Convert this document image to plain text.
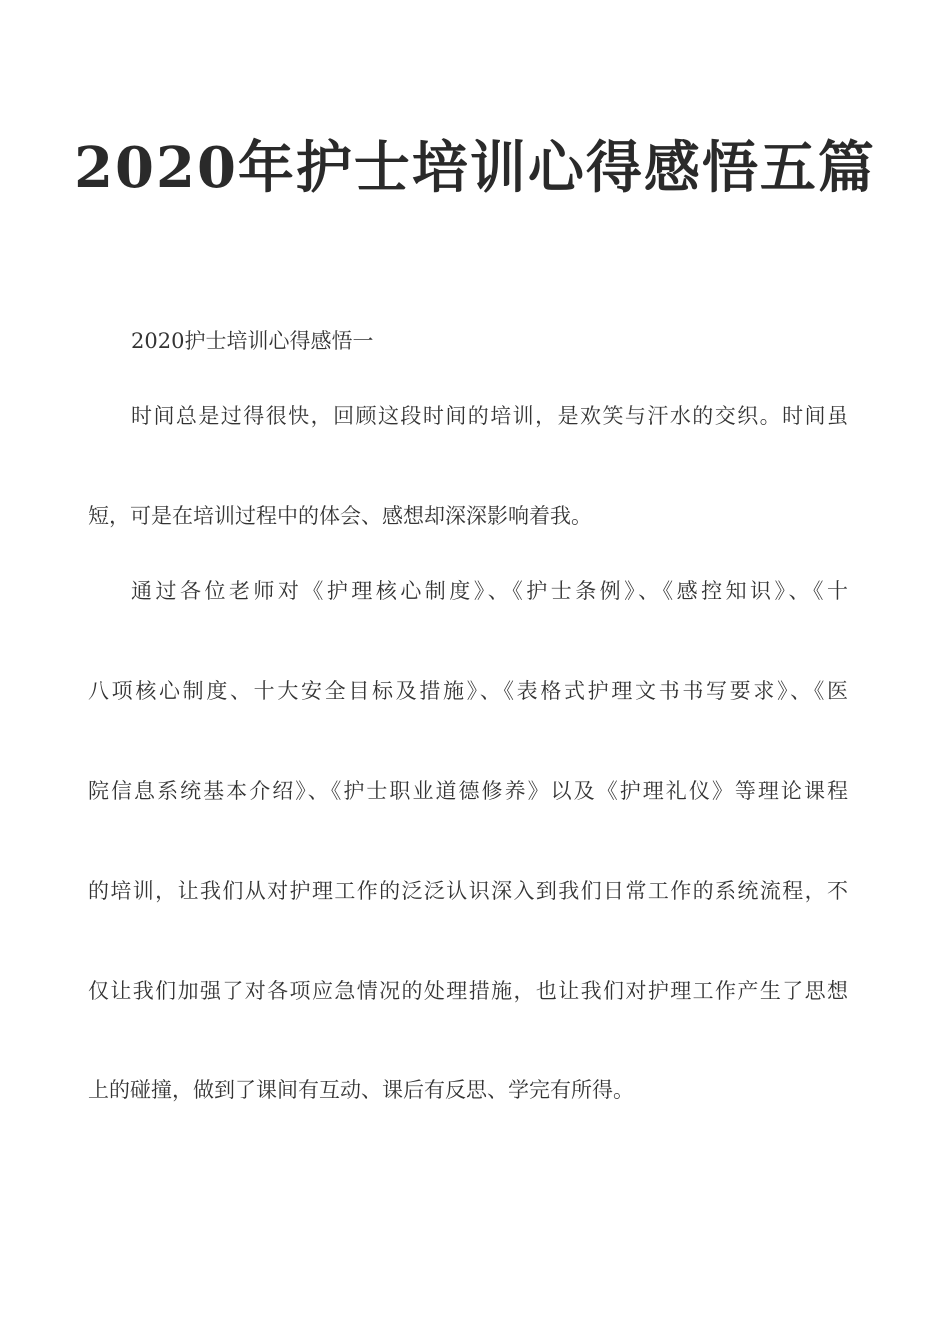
2020年护士培训心得感悟五篇
2020护士培训心得感悟一
时间总是过得很快，回顾这段时间的培训，是欢笑与汗水的交织。时间虽
短，可是在培训过程中的体会、感想却深深影响着我。
通过各位老师对《护理核心制度》、《护士条例》、《感控知识》、《十
八项核心制度、十大安全目标及措施》、《表格式护理文书书写要求》、《医
院信息系统基本介绍》、《护士职业道德修养》以及《护理礼仪》等理论课程
的培训，让我们从对护理工作的泛泛认识深入到我们日常工作的系统流程，不
仅让我们加强了对各项应急情况的处理措施，也让我们对护理工作产生了思想
上的碰撞，做到了课间有互动、课后有反思、学完有所得。
